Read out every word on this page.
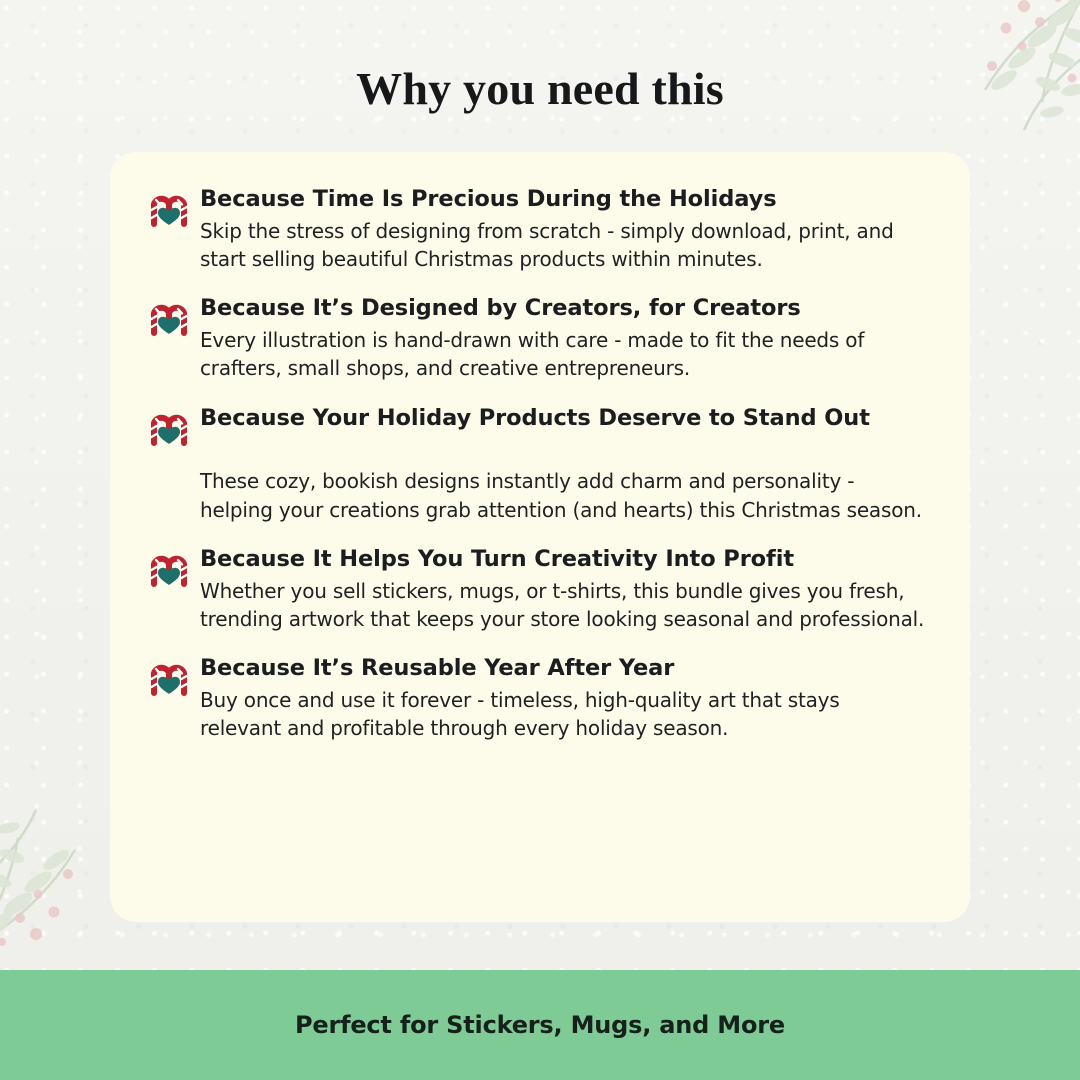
Why you need this
Because Time Is Precious During the Holidays
Skip the stress of designing from scratch - simply download, print, and start selling beautiful Christmas products within minutes.
Because It’s Designed by Creators, for Creators
Every illustration is hand-drawn with care - made to fit the needs of crafters, small shops, and creative entrepreneurs.
Because Your Holiday Products Deserve to Stand Out
These cozy, bookish designs instantly add charm and personality - helping your creations grab attention (and hearts) this Christmas season.
Because It Helps You Turn Creativity Into Profit
Whether you sell stickers, mugs, or t-shirts, this bundle gives you fresh, trending artwork that keeps your store looking seasonal and professional.
Because It’s Reusable Year After Year
Buy once and use it forever - timeless, high-quality art that stays relevant and profitable through every holiday season.
Perfect for Stickers, Mugs, and More
